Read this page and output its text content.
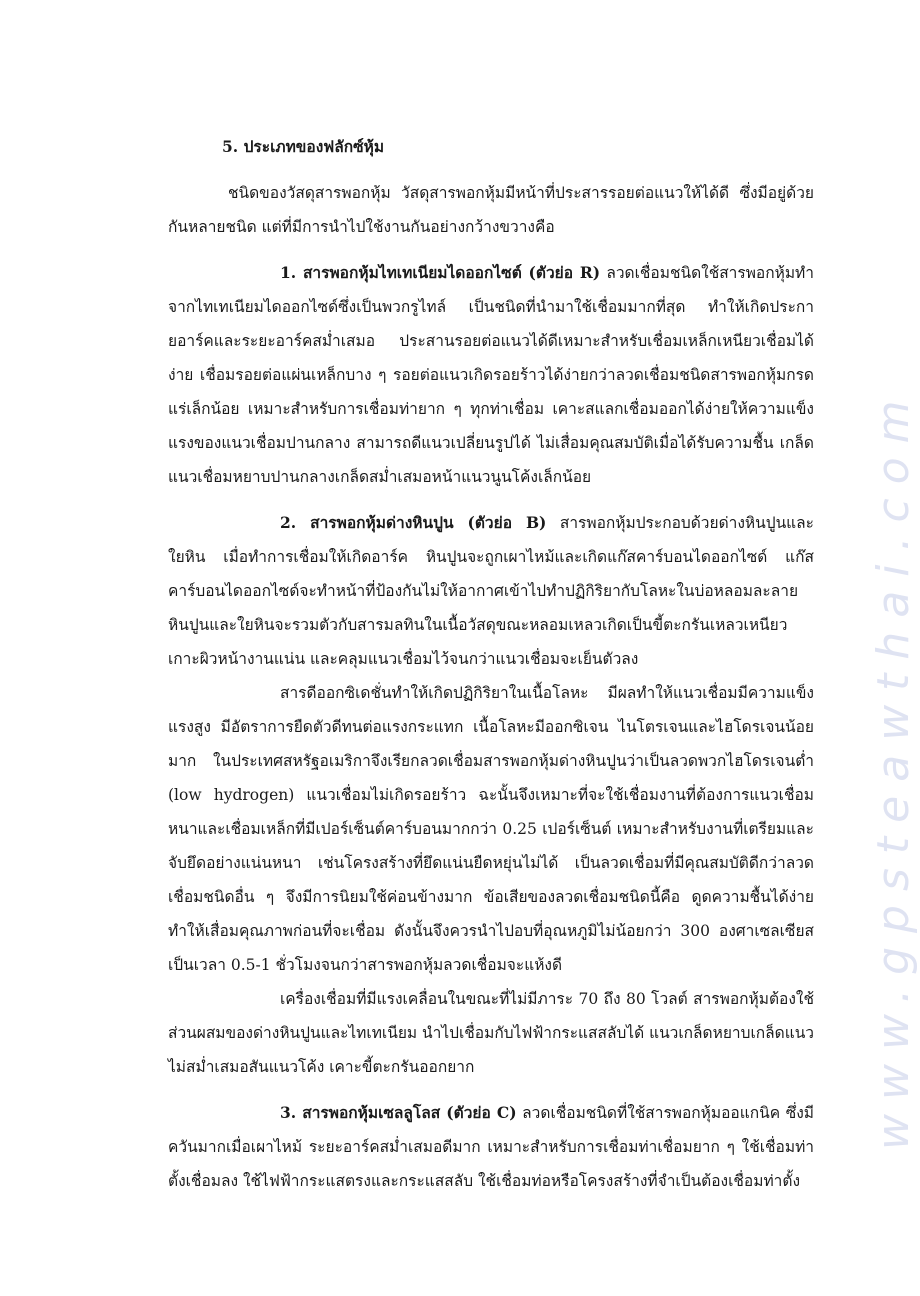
www.gpsteawthai.com
5. ประเภทของฟลักซ์หุ้ม

ชนิดของวัสดุสารพอกหุ้ม วัสดุสารพอกหุ้มมีหน้าที่ประสารรอยต่อแนวให้ได้ดี ซึ่งมีอยู่ด้วยกันหลายชนิด แต่ที่มีการนำไปใช้งานกันอย่างกว้างขวางคือ

1. สารพอกหุ้มไทเทเนียมไดออกไซต์ (ตัวย่อ R) ลวดเชื่อมชนิดใช้สารพอกหุ้มทำจากไทเทเนียมไดออกไซด์ซึ่งเป็นพวกรูไทล์ เป็นชนิดที่นำมาใช้เชื่อมมากที่สุด ทำให้เกิดประกายอาร์คและระยะอาร์คสม่ำเสมอ ประสานรอยต่อแนวได้ดีเหมาะสำหรับเชื่อมเหล็กเหนียวเชื่อมได้ง่าย เชื่อมรอยต่อแผ่นเหล็กบาง ๆ รอยต่อแนวเกิดรอยร้าวได้ง่ายกว่าลวดเชื่อมชนิดสารพอกหุ้มกรดแร่เล็กน้อย เหมาะสำหรับการเชื่อมท่ายาก ๆ ทุกท่าเชื่อม เคาะสแลกเชื่อมออกได้ง่ายให้ความแข็งแรงของแนวเชื่อมปานกลาง สามารถดีแนวเปลี่ยนรูปได้ ไม่เสื่อมคุณสมบัติเมื่อได้รับความชื้น เกล็ดแนวเชื่อมหยาบปานกลางเกล็ดสม่ำเสมอหน้าแนวนูนโค้งเล็กน้อย

2. สารพอกหุ้มด่างหินปูน (ตัวย่อ B) สารพอกหุ้มประกอบด้วยด่างหินปูนและใยหิน เมื่อทำการเชื่อมให้เกิดอาร์ค หินปูนจะถูกเผาไหม้และเกิดแก๊สคาร์บอนไดออกไซด์ แก๊สคาร์บอนไดออกไซด์จะทำหน้าที่ป้องกันไม่ให้อากาศเข้าไปทำปฏิกิริยากับโลหะในบ่อหลอมละลาย หินปูนและใยหินจะรวมตัวกับสารมลทินในเนื้อวัสดุขณะหลอมเหลวเกิดเป็นขี้ตะกรันเหลวเหนียวเกาะผิวหน้างานแน่น และคลุมแนวเชื่อมไว้จนกว่าแนวเชื่อมจะเย็นตัวลง

สารดีออกซิเดชั่นทำให้เกิดปฏิกิริยาในเนื้อโลหะ มีผลทำให้แนวเชื่อมมีความแข็งแรงสูง มีอัตราการยืดตัวดีทนต่อแรงกระแทก เนื้อโลหะมีออกซิเจน ไนโตรเจนและไฮโดรเจนน้อยมาก ในประเทศสหรัฐอเมริกาจึงเรียกลวดเชื่อมสารพอกหุ้มด่างหินปูนว่าเป็นลวดพวกไฮโดรเจนต่ำ (low hydrogen) แนวเชื่อมไม่เกิดรอยร้าว ฉะนั้นจึงเหมาะที่จะใช้เชื่อมงานที่ต้องการแนวเชื่อมหนาและเชื่อมเหล็กที่มีเปอร์เซ็นต์คาร์บอนมากกว่า 0.25 เปอร์เซ็นต์ เหมาะสำหรับงานที่เตรียมและจับยึดอย่างแน่นหนา เช่นโครงสร้างที่ยึดแน่นยืดหยุ่นไม่ได้ เป็นลวดเชื่อมที่มีคุณสมบัติดีกว่าลวดเชื่อมชนิดอื่น ๆ จึงมีการนิยมใช้ค่อนข้างมาก ข้อเสียของลวดเชื่อมชนิดนี้คือ ดูดความชื้นได้ง่ายทำให้เสื่อมคุณภาพก่อนที่จะเชื่อม ดังนั้นจึงควรนำไปอบที่อุณหภูมิไม่น้อยกว่า 300 องศาเซลเซียส เป็นเวลา 0.5-1 ชั่วโมงจนกว่าสารพอกหุ้มลวดเชื่อมจะแห้งดี

เครื่องเชื่อมที่มีแรงเคลื่อนในขณะที่ไม่มีภาระ 70 ถึง 80 โวลต์ สารพอกหุ้มต้องใช้ส่วนผสมของด่างหินปูนและไทเทเนียม นำไปเชื่อมกับไฟฟ้ากระแสสลับได้ แนวเกล็ดหยาบเกล็ดแนวไม่สม่ำเสมอสันแนวโค้ง เคาะขี้ตะกรันออกยาก

3. สารพอกหุ้มเซลลูโลส (ตัวย่อ C) ลวดเชื่อมชนิดที่ใช้สารพอกหุ้มออแกนิค ซึ่งมีควันมากเมื่อเผาไหม้ ระยะอาร์คสม่ำเสมอดีมาก เหมาะสำหรับการเชื่อมท่าเชื่อมยาก ๆ ใช้เชื่อมท่าตั้งเชื่อมลง ใช้ไฟฟ้ากระแสตรงและกระแสสลับ ใช้เชื่อมท่อหรือโครงสร้างที่จำเป็นต้องเชื่อมท่าตั้ง
